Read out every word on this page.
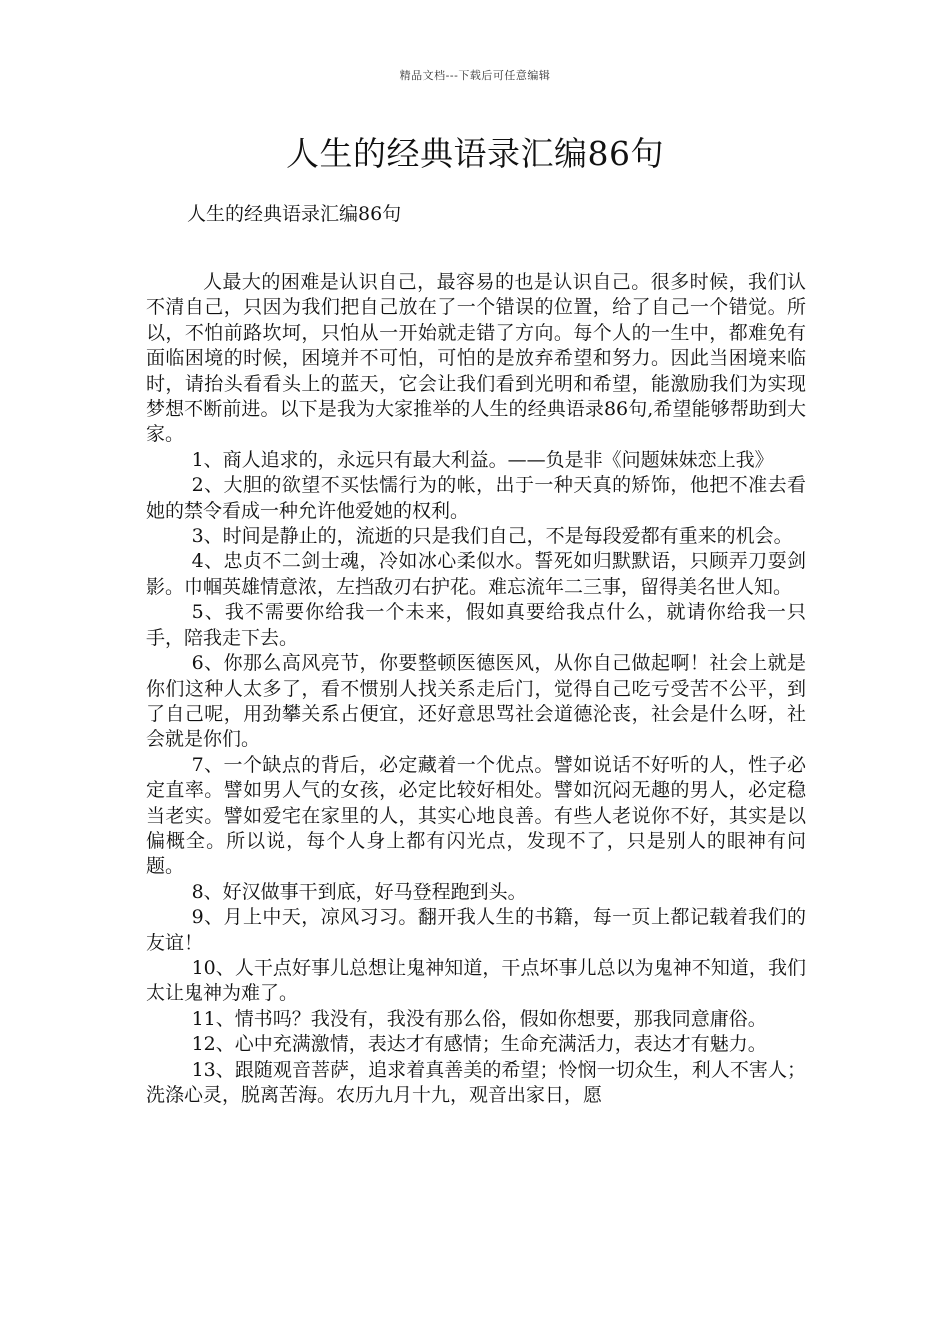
精品文档---下载后可任意编辑
人生的经典语录汇编86句

人生的经典语录汇编86句

人最大的困难是认识自己，最容易的也是认识自己。很多时候，我们认不清自己，只因为我们把自己放在了一个错误的位置，给了自己一个错觉。所以，不怕前路坎坷，只怕从一开始就走错了方向。每个人的一生中，都难免有面临困境的时候，困境并不可怕，可怕的是放弃希望和努力。因此当困境来临时，请抬头看看头上的蓝天，它会让我们看到光明和希望，能激励我们为实现梦想不断前进。以下是我为大家推举的人生的经典语录86句,希望能够帮助到大家。

1、商人追求的，永远只有最大利益。——负是非《问题妹妹恋上我》

2、大胆的欲望不买怯懦行为的帐，出于一种天真的矫饰，他把不准去看她的禁令看成一种允许他爱她的权利。

3、时间是静止的，流逝的只是我们自己，不是每段爱都有重来的机会。

4、忠贞不二剑士魂，冷如冰心柔似水。誓死如归默默语，只顾弄刀耍剑影。巾帼英雄情意浓，左挡敌刃右护花。难忘流年二三事，留得美名世人知。

5、我不需要你给我一个未来，假如真要给我点什么，就请你给我一只手，陪我走下去。

6、你那么高风亮节，你要整顿医德医风，从你自己做起啊！社会上就是你们这种人太多了，看不惯别人找关系走后门，觉得自己吃亏受苦不公平，到了自己呢，用劲攀关系占便宜，还好意思骂社会道德沦丧，社会是什么呀，社会就是你们。

7、一个缺点的背后，必定藏着一个优点。譬如说话不好听的人，性子必定直率。譬如男人气的女孩，必定比较好相处。譬如沉闷无趣的男人，必定稳当老实。譬如爱宅在家里的人，其实心地良善。有些人老说你不好，其实是以偏概全。所以说，每个人身上都有闪光点，发现不了，只是别人的眼神有问题。

8、好汉做事干到底，好马登程跑到头。

9、月上中天，凉风习习。翻开我人生的书籍，每一页上都记载着我们的友谊！

10、人干点好事儿总想让鬼神知道，干点坏事儿总以为鬼神不知道，我们太让鬼神为难了。

11、情书吗？我没有，我没有那么俗，假如你想要，那我同意庸俗。

12、心中充满激情，表达才有感情；生命充满活力，表达才有魅力。

13、跟随观音菩萨，追求着真善美的希望；怜悯一切众生，利人不害人；洗涤心灵，脱离苦海。农历九月十九，观音出家日，愿
